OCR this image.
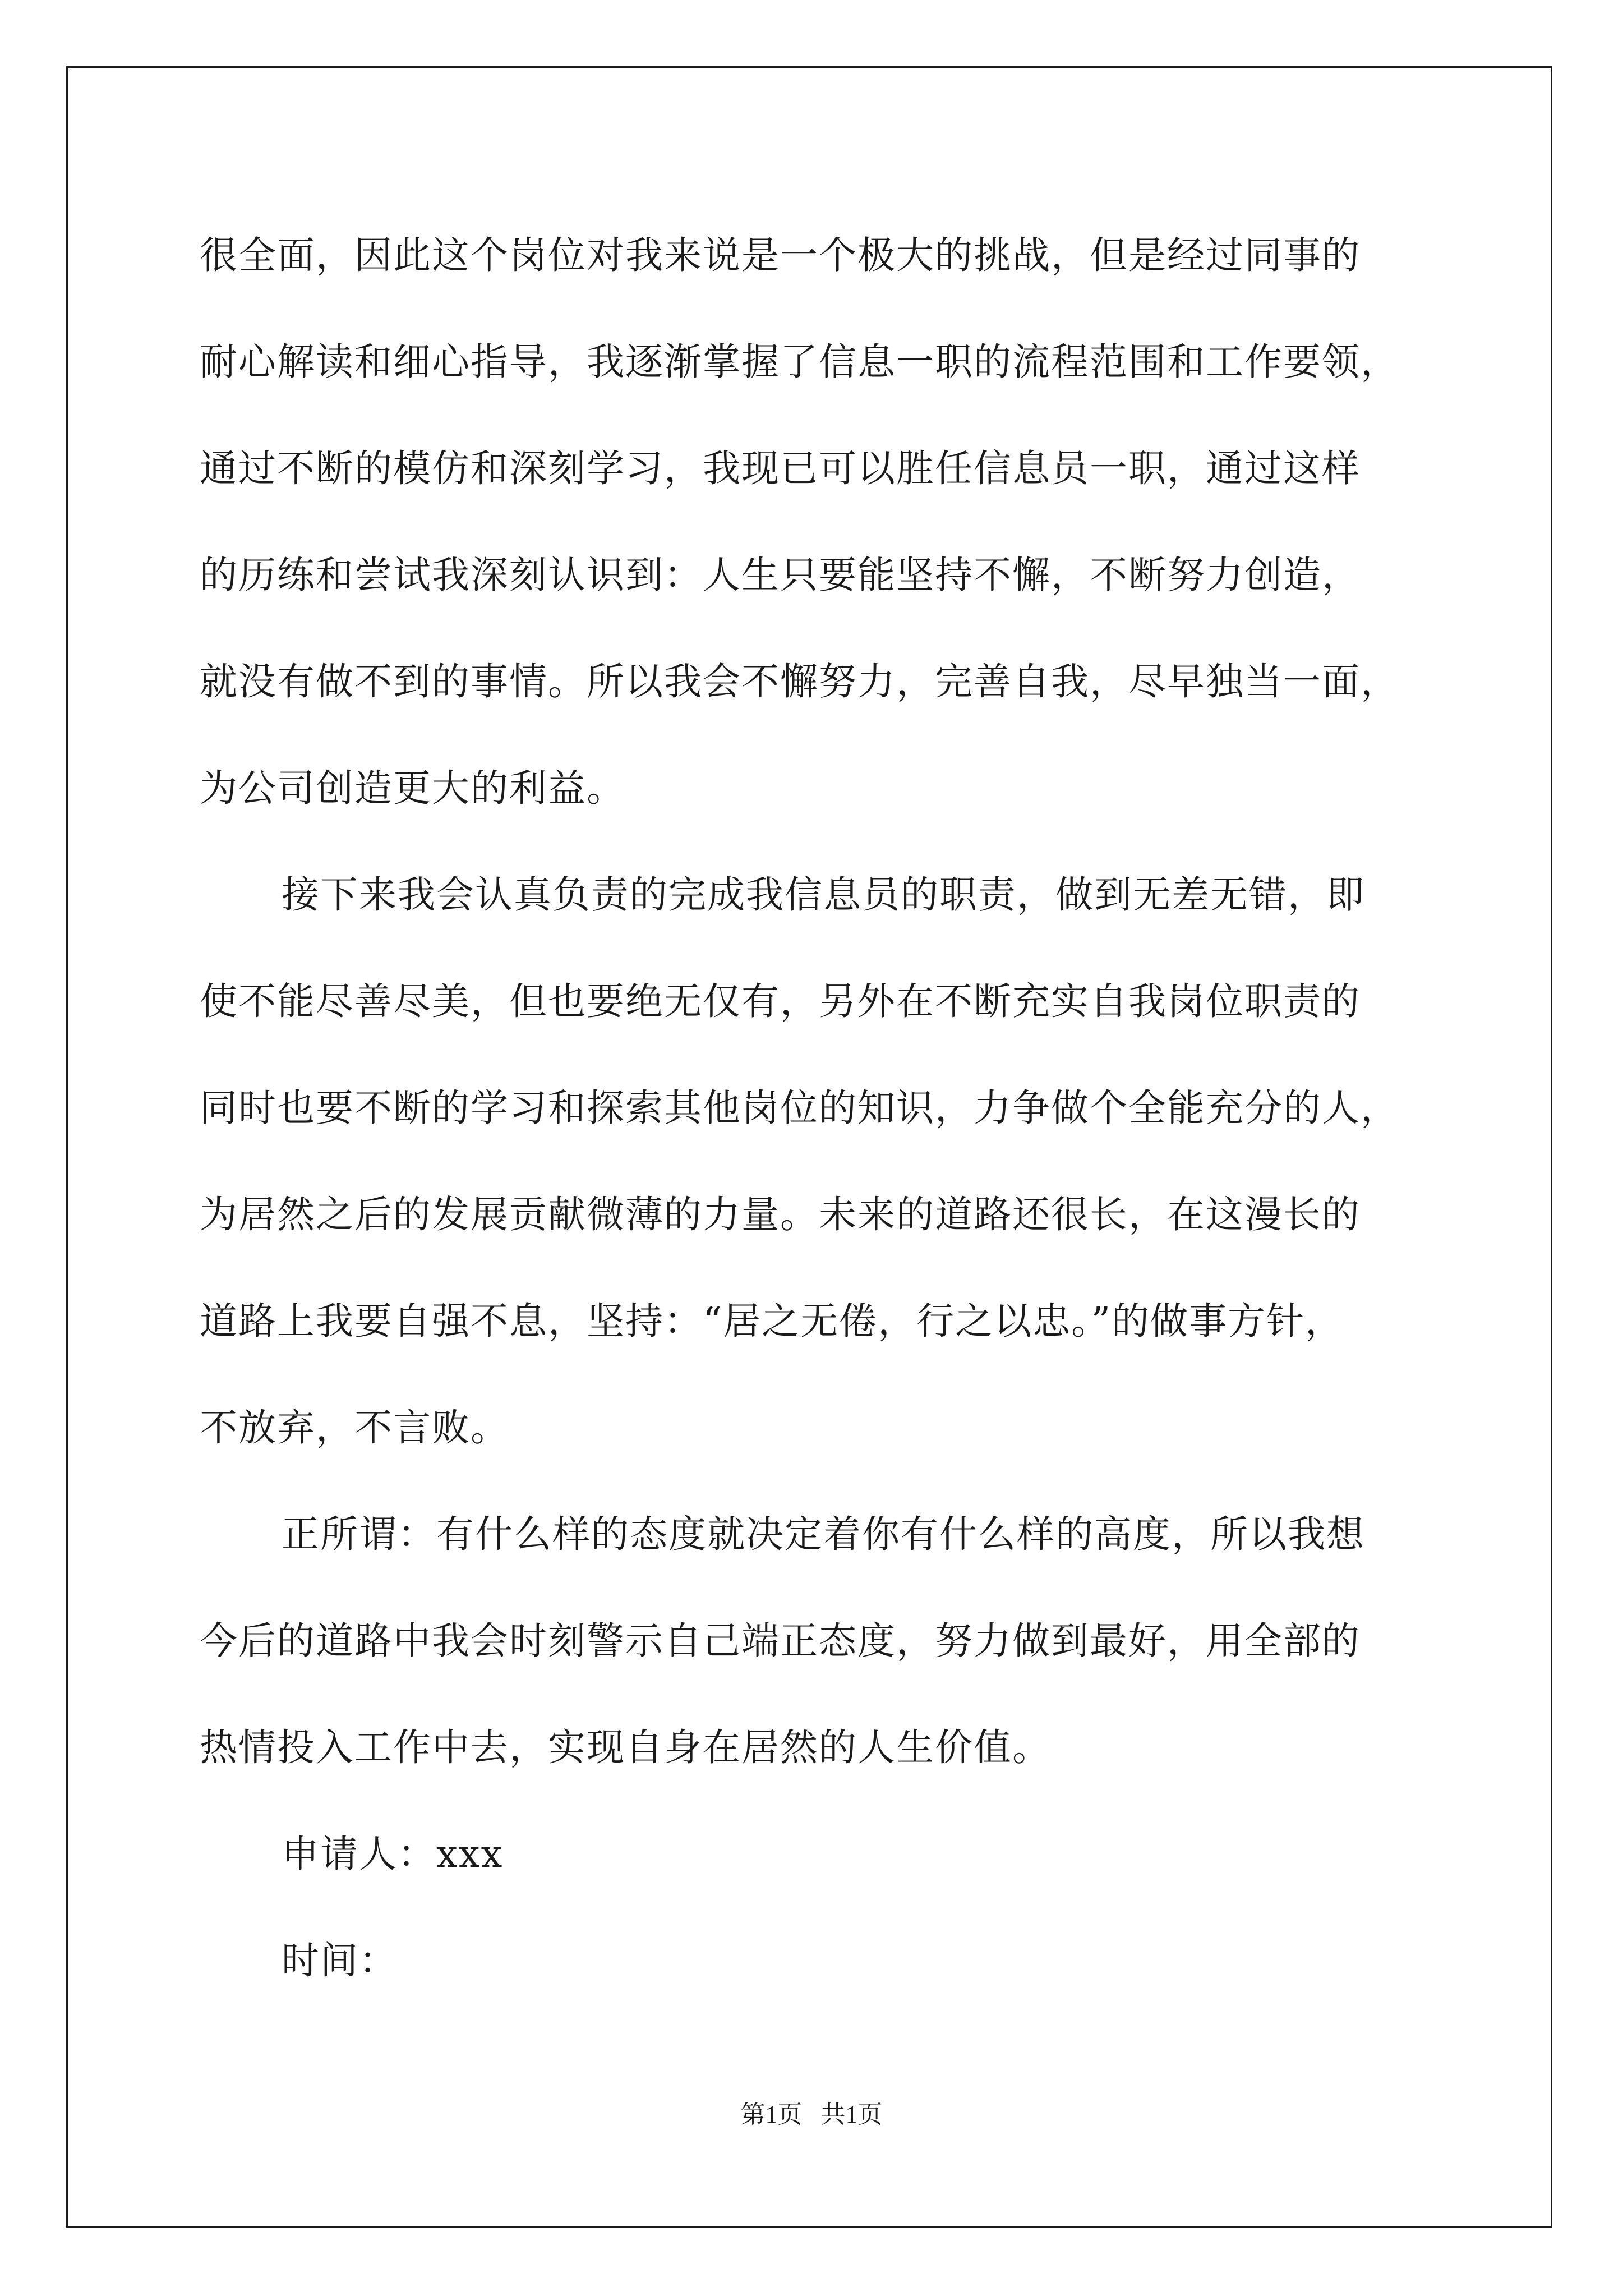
很全面，因此这个岗位对我来说是一个极大的挑战，但是经过同事的
耐心解读和细心指导，我逐渐掌握了信息一职的流程范围和工作要领，
通过不断的模仿和深刻学习，我现已可以胜任信息员一职，通过这样
的历练和尝试我深刻认识到：人生只要能坚持不懈，不断努力创造，
就没有做不到的事情。所以我会不懈努力，完善自我，尽早独当一面，
为公司创造更大的利益。
接下来我会认真负责的完成我信息员的职责，做到无差无错，即
使不能尽善尽美，但也要绝无仅有，另外在不断充实自我岗位职责的
同时也要不断的学习和探索其他岗位的知识，力争做个全能充分的人，
为居然之后的发展贡献微薄的力量。未来的道路还很长，在这漫长的
道路上我要自强不息，坚持：“居之无倦，行之以忠。”的做事方针，
不放弃，不言败。
正所谓：有什么样的态度就决定着你有什么样的高度，所以我想
今后的道路中我会时刻警示自己端正态度，努力做到最好，用全部的
热情投入工作中去，实现自身在居然的人生价值。
申请人：xxx
时间：
第1页   共1页
